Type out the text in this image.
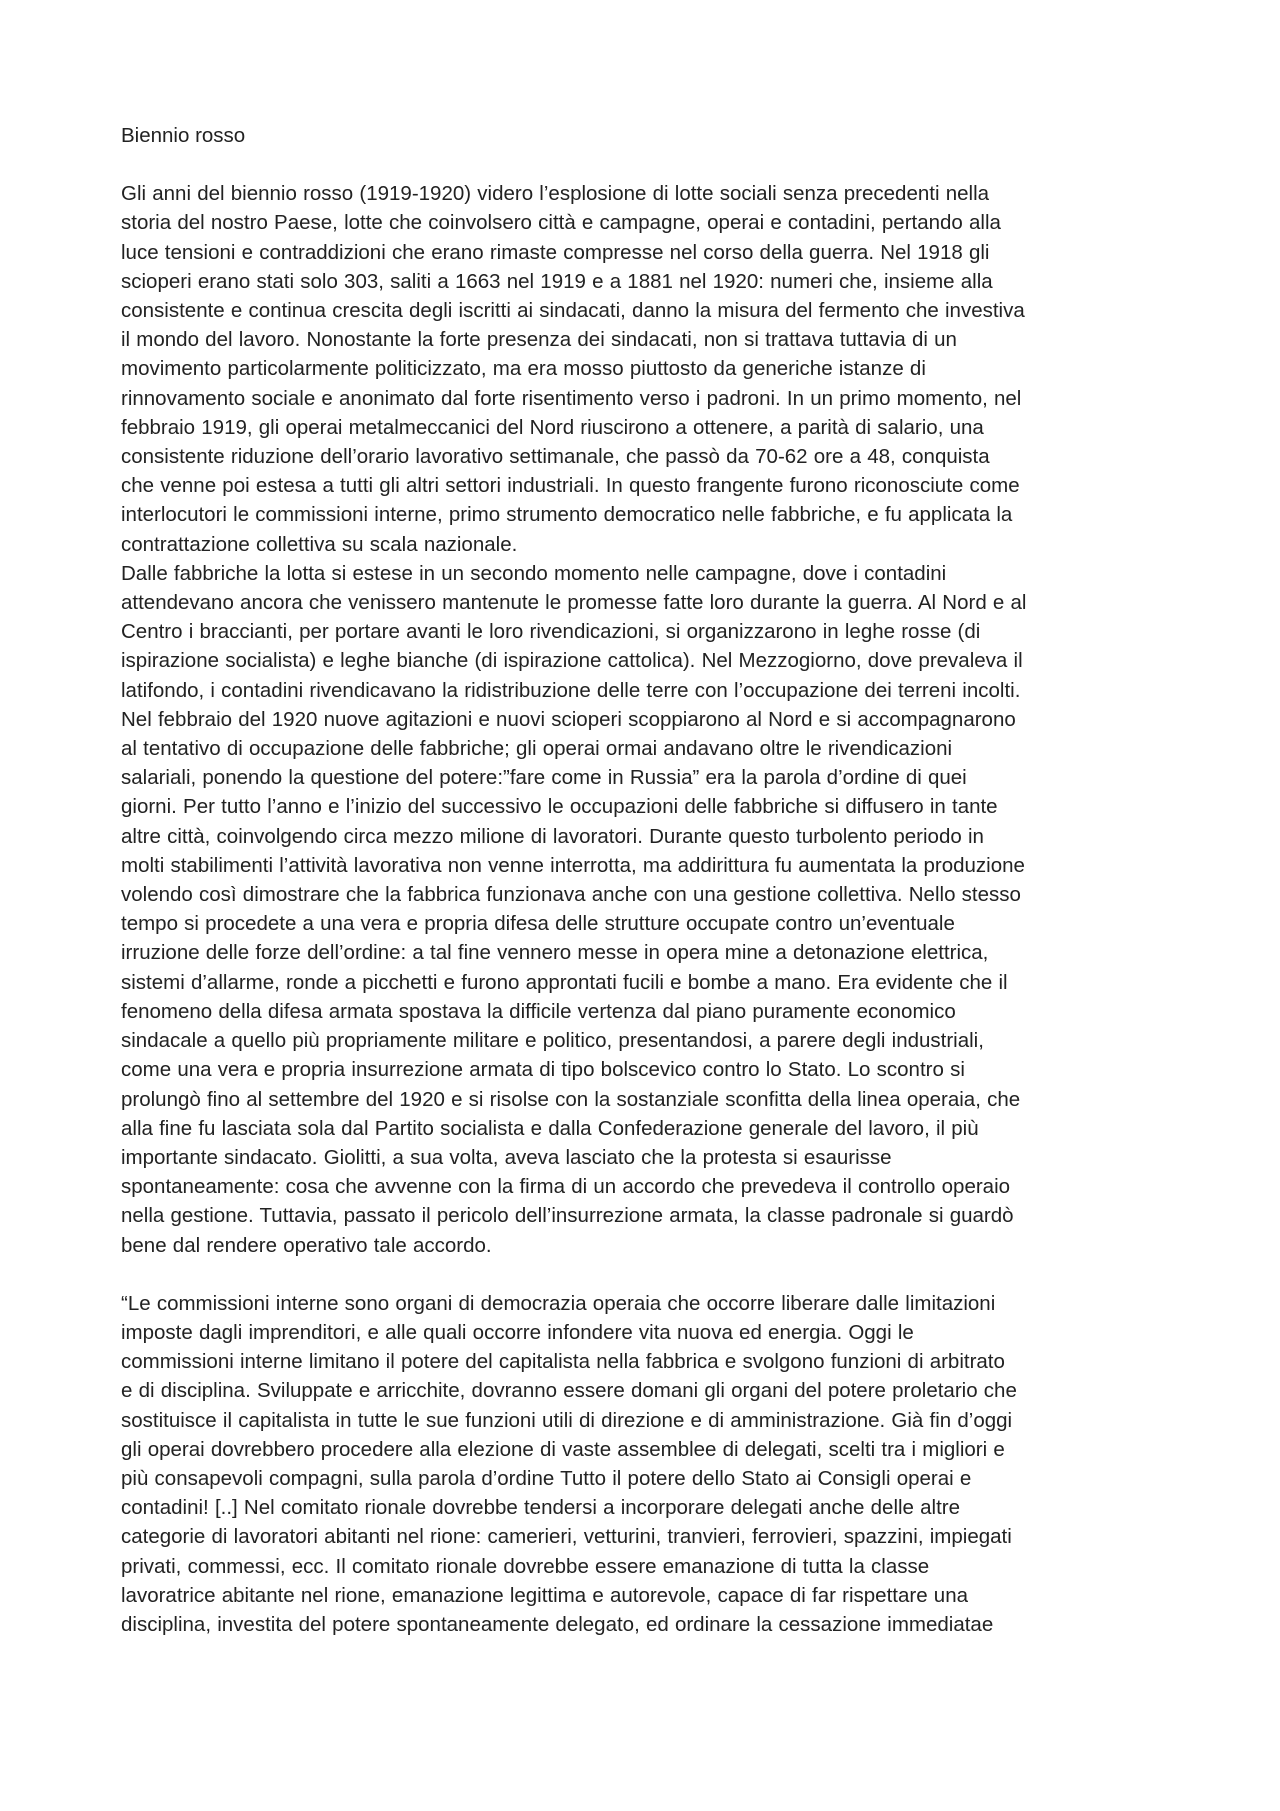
Biennio rosso

Gli anni del biennio rosso (1919-1920) videro l’esplosione di lotte sociali senza precedenti nella
storia del nostro Paese, lotte che coinvolsero città e campagne, operai e contadini, pertando alla
luce tensioni e contraddizioni che erano rimaste compresse nel corso della guerra. Nel 1918 gli
scioperi erano stati solo 303, saliti a 1663 nel 1919 e a 1881 nel 1920: numeri che, insieme alla
consistente e continua crescita degli iscritti ai sindacati, danno la misura del fermento che investiva
il mondo del lavoro. Nonostante la forte presenza dei sindacati, non si trattava tuttavia di un
movimento particolarmente politicizzato, ma era mosso piuttosto da generiche istanze di
rinnovamento sociale e anonimato dal forte risentimento verso i padroni. In un primo momento, nel
febbraio 1919, gli operai metalmeccanici del Nord riuscirono a ottenere, a parità di salario, una
consistente riduzione dell’orario lavorativo settimanale, che passò da 70-62 ore a 48, conquista
che venne poi estesa a tutti gli altri settori industriali. In questo frangente furono riconosciute come
interlocutori le commissioni interne, primo strumento democratico nelle fabbriche, e fu applicata la
contrattazione collettiva su scala nazionale.

Dalle fabbriche la lotta si estese in un secondo momento nelle campagne, dove i contadini
attendevano ancora che venissero mantenute le promesse fatte loro durante la guerra. Al Nord e al
Centro i braccianti, per portare avanti le loro rivendicazioni, si organizzarono in leghe rosse (di
ispirazione socialista) e leghe bianche (di ispirazione cattolica). Nel Mezzogiorno, dove prevaleva il
latifondo, i contadini rivendicavano la ridistribuzione delle terre con l’occupazione dei terreni incolti.
Nel febbraio del 1920 nuove agitazioni e nuovi scioperi scoppiarono al Nord e si accompagnarono
al tentativo di occupazione delle fabbriche; gli operai ormai andavano oltre le rivendicazioni
salariali, ponendo la questione del potere:”fare come in Russia” era la parola d’ordine di quei
giorni. Per tutto l’anno e l’inizio del successivo le occupazioni delle fabbriche si diffusero in tante
altre città, coinvolgendo circa mezzo milione di lavoratori. Durante questo turbolento periodo in
molti stabilimenti l’attività lavorativa non venne interrotta, ma addirittura fu aumentata la produzione
volendo così dimostrare che la fabbrica funzionava anche con una gestione collettiva. Nello stesso
tempo si procedete a una vera e propria difesa delle strutture occupate contro un’eventuale
irruzione delle forze dell’ordine: a tal fine vennero messe in opera mine a detonazione elettrica,
sistemi d’allarme, ronde a picchetti e furono approntati fucili e bombe a mano. Era evidente che il
fenomeno della difesa armata spostava la difficile vertenza dal piano puramente economico
sindacale a quello più propriamente militare e politico, presentandosi, a parere degli industriali,
come una vera e propria insurrezione armata di tipo bolscevico contro lo Stato. Lo scontro si
prolungò fino al settembre del 1920 e si risolse con la sostanziale sconfitta della linea operaia, che
alla fine fu lasciata sola dal Partito socialista e dalla Confederazione generale del lavoro, il più
importante sindacato. Giolitti, a sua volta, aveva lasciato che la protesta si esaurisse
spontaneamente: cosa che avvenne con la firma di un accordo che prevedeva il controllo operaio
nella gestione. Tuttavia, passato il pericolo dell’insurrezione armata, la classe padronale si guardò
bene dal rendere operativo tale accordo.

“Le commissioni interne sono organi di democrazia operaia che occorre liberare dalle limitazioni
imposte dagli imprenditori, e alle quali occorre infondere vita nuova ed energia. Oggi le
commissioni interne limitano il potere del capitalista nella fabbrica e svolgono funzioni di arbitrato
e di disciplina. Sviluppate e arricchite, dovranno essere domani gli organi del potere proletario che
sostituisce il capitalista in tutte le sue funzioni utili di direzione e di amministrazione. Già fin d’oggi
gli operai dovrebbero procedere alla elezione di vaste assemblee di delegati, scelti tra i migliori e
più consapevoli compagni, sulla parola d’ordine Tutto il potere dello Stato ai Consigli operai e
contadini! [..] Nel comitato rionale dovrebbe tendersi a incorporare delegati anche delle altre
categorie di lavoratori abitanti nel rione: camerieri, vetturini, tranvieri, ferrovieri, spazzini, impiegati
privati, commessi, ecc. Il comitato rionale dovrebbe essere emanazione di tutta la classe
lavoratrice abitante nel rione, emanazione legittima e autorevole, capace di far rispettare una
disciplina, investita del potere spontaneamente delegato, ed ordinare la cessazione immediatae
